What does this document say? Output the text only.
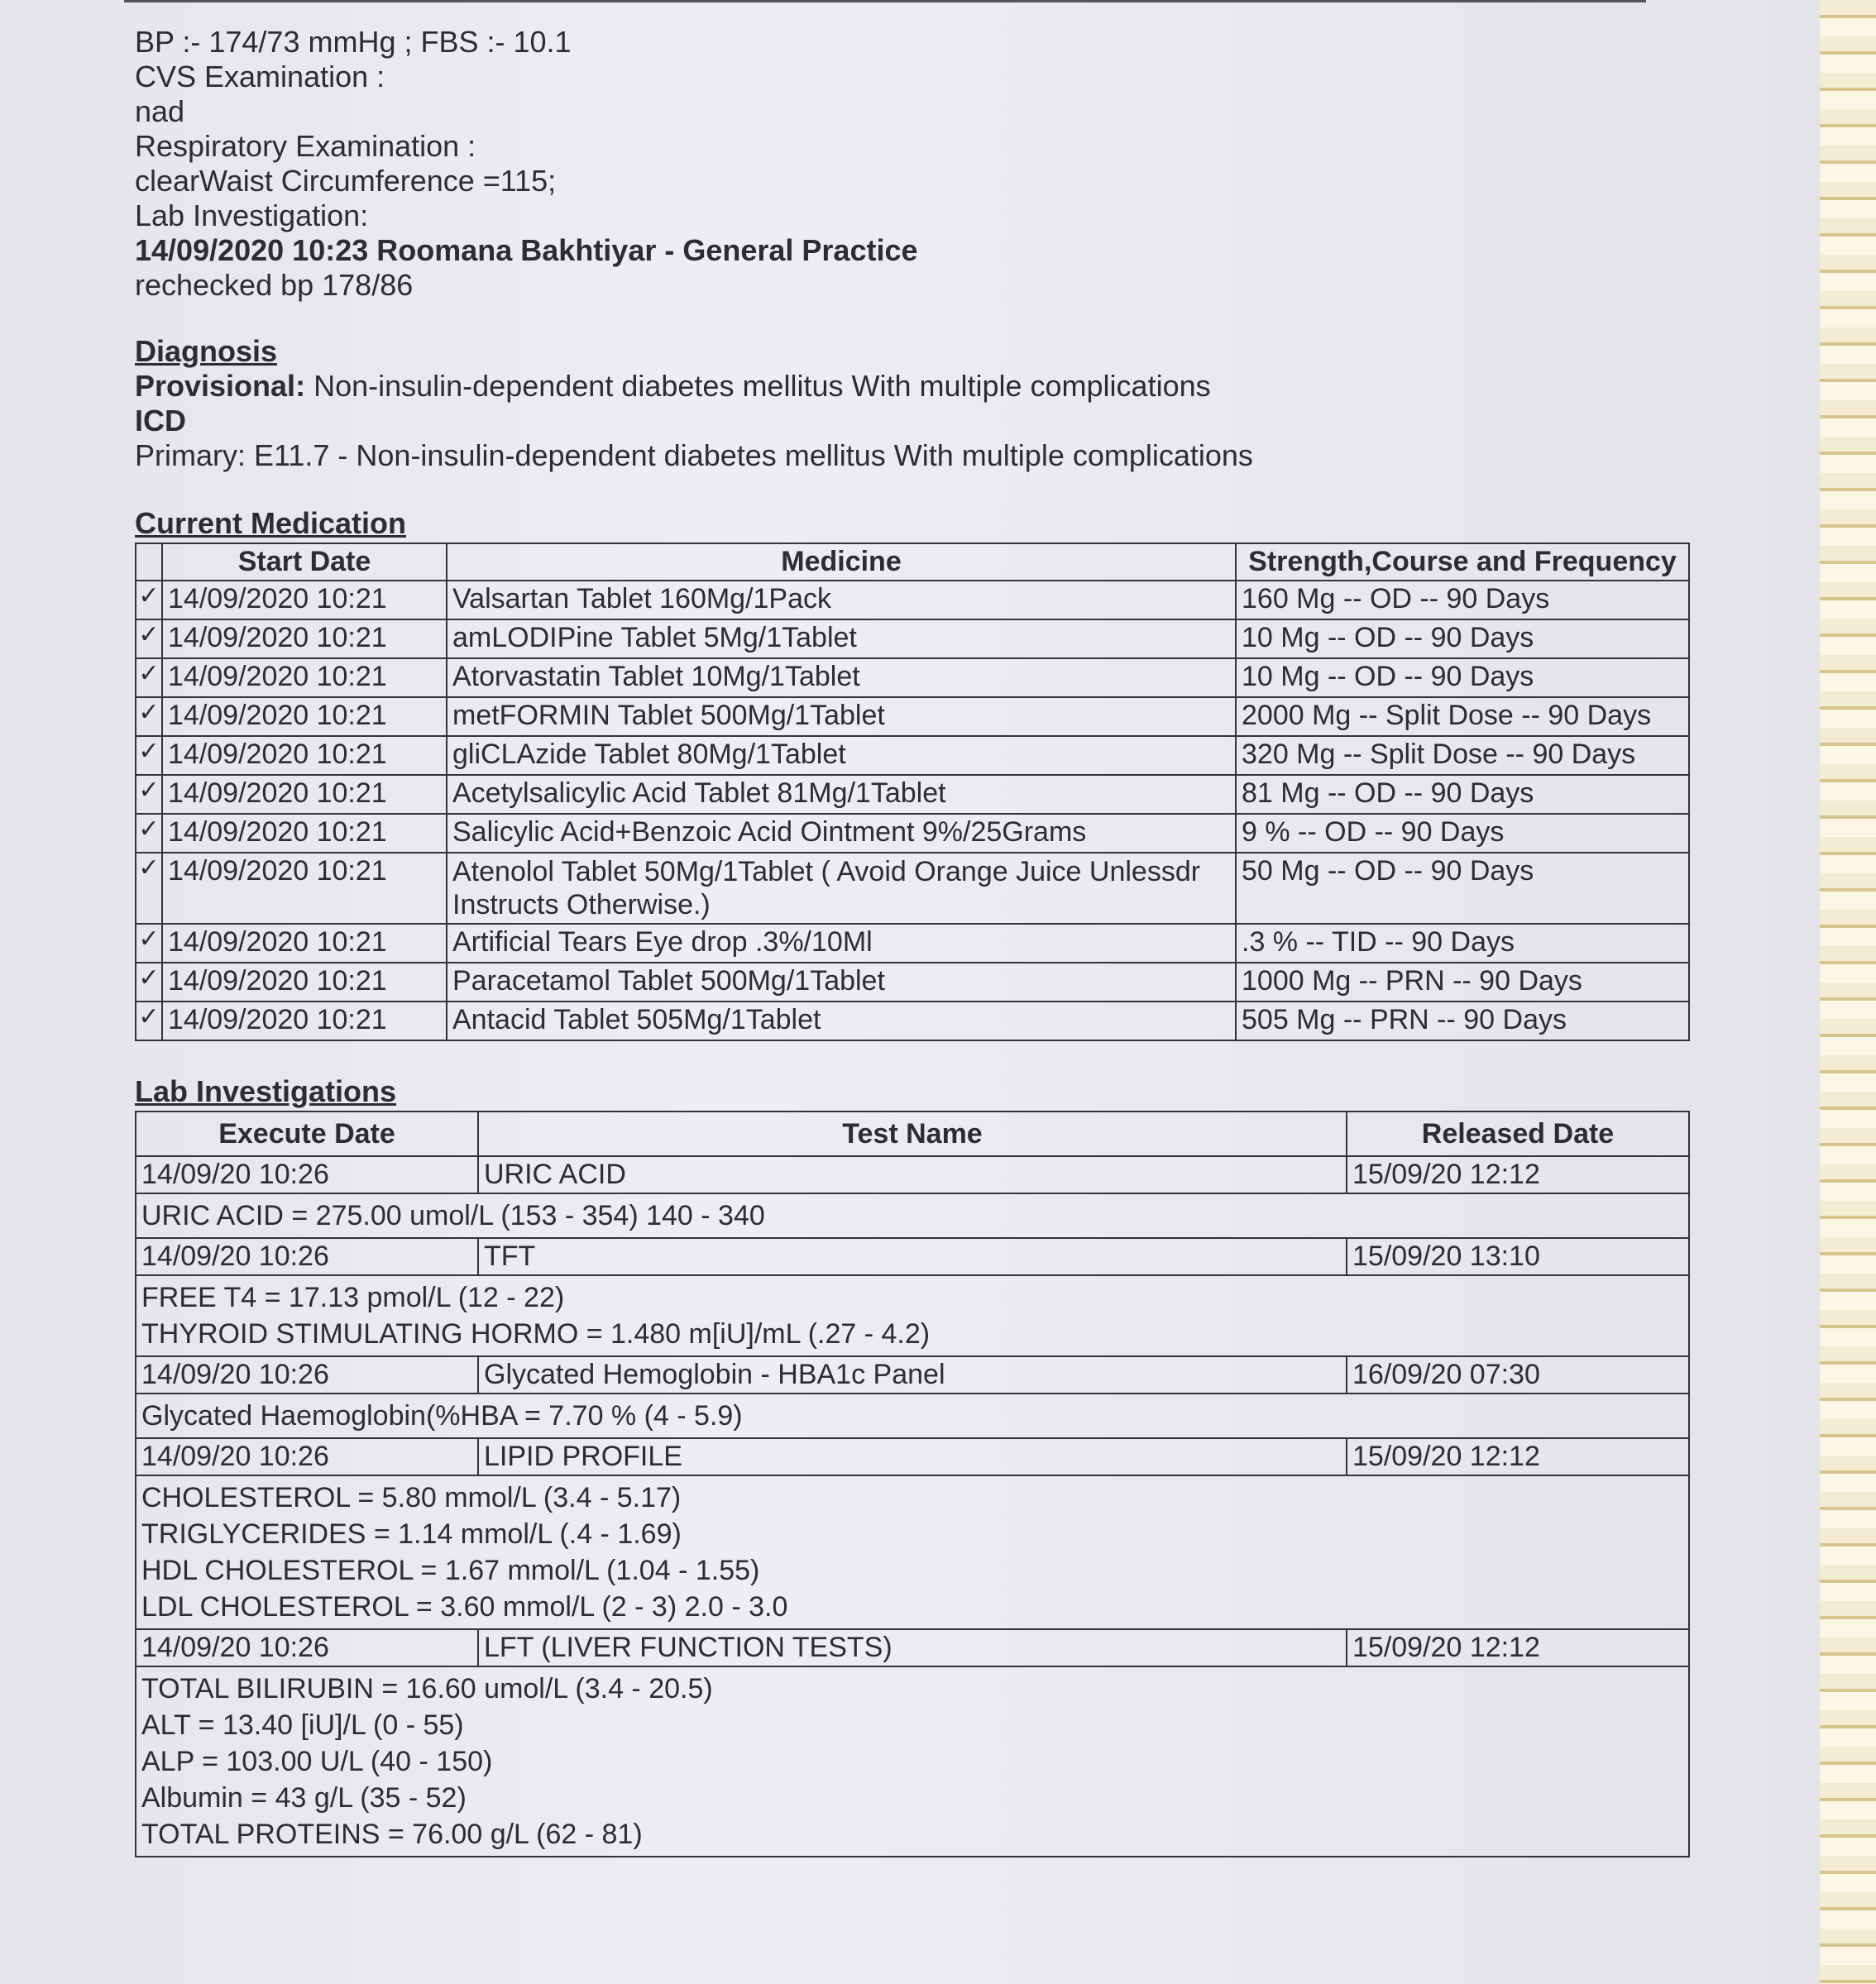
BP :- 174/73 mmHg ; FBS :- 10.1
CVS Examination :
nad
Respiratory Examination :
clearWaist Circumference =115;
Lab Investigation:
14/09/2020 10:23 Roomana Bakhtiyar - General Practice
rechecked bp 178/86
Diagnosis
Provisional: Non-insulin-dependent diabetes mellitus With multiple complications
ICD
Primary: E11.7 - Non-insulin-dependent diabetes mellitus With multiple complications
Current Medication
	Start Date	Medicine	Strength,Course and Frequency
✓	14/09/2020 10:21	Valsartan Tablet 160Mg/1Pack	160 Mg -- OD -- 90 Days
✓	14/09/2020 10:21	amLODIPine Tablet 5Mg/1Tablet	10 Mg -- OD -- 90 Days
✓	14/09/2020 10:21	Atorvastatin Tablet 10Mg/1Tablet	10 Mg -- OD -- 90 Days
✓	14/09/2020 10:21	metFORMIN Tablet 500Mg/1Tablet	2000 Mg -- Split Dose -- 90 Days
✓	14/09/2020 10:21	gliCLAzide Tablet 80Mg/1Tablet	320 Mg -- Split Dose -- 90 Days
✓	14/09/2020 10:21	Acetylsalicylic Acid Tablet 81Mg/1Tablet	81 Mg -- OD -- 90 Days
✓	14/09/2020 10:21	Salicylic Acid+Benzoic Acid Ointment 9%/25Grams	9 % -- OD -- 90 Days
✓	14/09/2020 10:21	Atenolol Tablet 50Mg/1Tablet ( Avoid Orange Juice Unlessdr Instructs Otherwise.)	50 Mg -- OD -- 90 Days
✓	14/09/2020 10:21	Artificial Tears Eye drop .3%/10Ml	.3 % -- TID -- 90 Days
✓	14/09/2020 10:21	Paracetamol Tablet 500Mg/1Tablet	1000 Mg -- PRN -- 90 Days
✓	14/09/2020 10:21	Antacid Tablet 505Mg/1Tablet	505 Mg -- PRN -- 90 Days
Lab Investigations
Execute Date	Test Name	Released Date
14/09/20 10:26	URIC ACID	15/09/20 12:12

URIC ACID = 275.00 umol/L (153 - 354) 140 - 340		

14/09/20 10:26	TFT	15/09/20 13:10

FREE T4 = 17.13 pmol/L (12 - 22)
THYROID STIMULATING HORMO = 1.480 m[iU]/mL (.27 - 4.2)		

14/09/20 10:26	Glycated Hemoglobin - HBA1c Panel	16/09/20 07:30

Glycated Haemoglobin(%HBA = 7.70 % (4 - 5.9)		

14/09/20 10:26	LIPID PROFILE	15/09/20 12:12

CHOLESTEROL = 5.80 mmol/L (3.4 - 5.17)
TRIGLYCERIDES = 1.14 mmol/L (.4 - 1.69)
HDL CHOLESTEROL = 1.67 mmol/L (1.04 - 1.55)
LDL CHOLESTEROL = 3.60 mmol/L (2 - 3) 2.0 - 3.0		

14/09/20 10:26	LFT (LIVER FUNCTION TESTS)	15/09/20 12:12

TOTAL BILIRUBIN = 16.60 umol/L (3.4 - 20.5)
ALT = 13.40 [iU]/L (0 - 55)
ALP = 103.00 U/L (40 - 150)
Albumin = 43 g/L (35 - 52)
TOTAL PROTEINS = 76.00 g/L (62 - 81)		
